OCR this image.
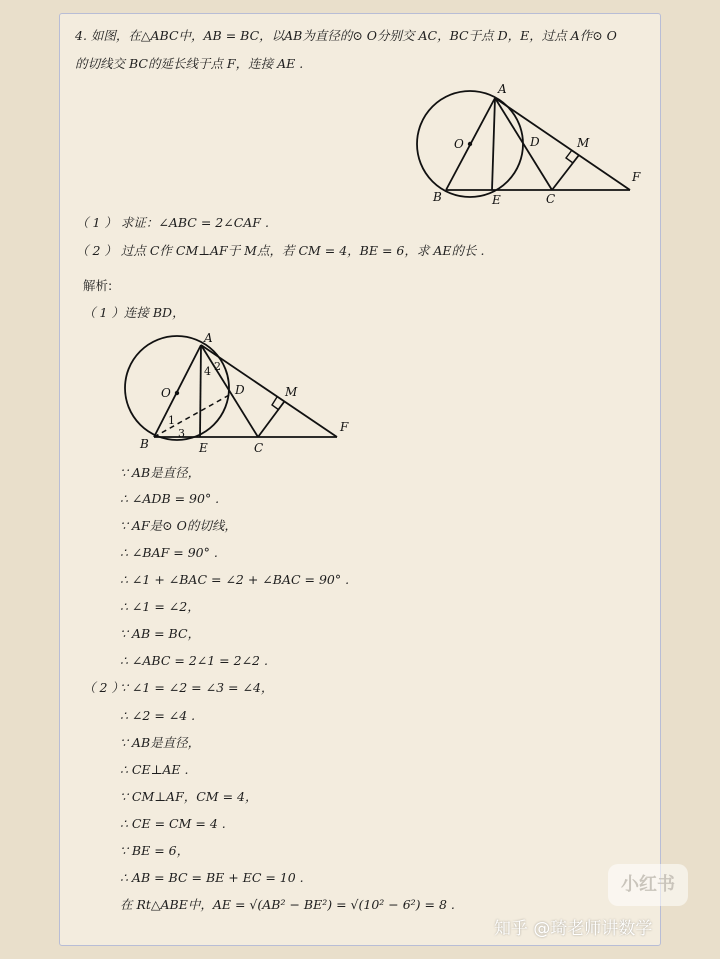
4. 如图，在△ABC中，AB = BC，以AB为直径的⊙ O分别交 AC，BC于点 D，E，过点 A作⊙ O
的切线交 BC的延长线于点 F，连接 AE .
A
O	D	M
F
B	E	C
（ 1 ） 求证：∠ABC = 2∠CAF .
（ 2 ） 过点 C作 CM⊥AF于 M点，若 CM = 4，BE = 6，求 AE的长 .
解析:
（ 1 ）连接 BD，
A
O	D	M
F
B	E	C
1
2
3
4
∵ AB是直径，
∴ ∠ADB = 90° .
∵ AF是⊙ O的切线，
∴ ∠BAF = 90° .
∴ ∠1 + ∠BAC = ∠2 + ∠BAC = 90° .
∴ ∠1 = ∠2，
∵ AB = BC，
∴ ∠ABC = 2∠1 = 2∠2 .
（ 2 ）
∵ ∠1 = ∠2 = ∠3 = ∠4，
∴ ∠2 = ∠4 .
∵ AB是直径，
∴ CE⊥AE .
∵ CM⊥AF，CM = 4，
∴ CE = CM = 4 .
∵ BE = 6，
∴ AB = BC = BE + EC = 10 .
在 Rt△ABE中，AE = √(AB² − BE²) = √(10² − 6²) = 8 .
小红书
知乎 @琦老师讲数学
